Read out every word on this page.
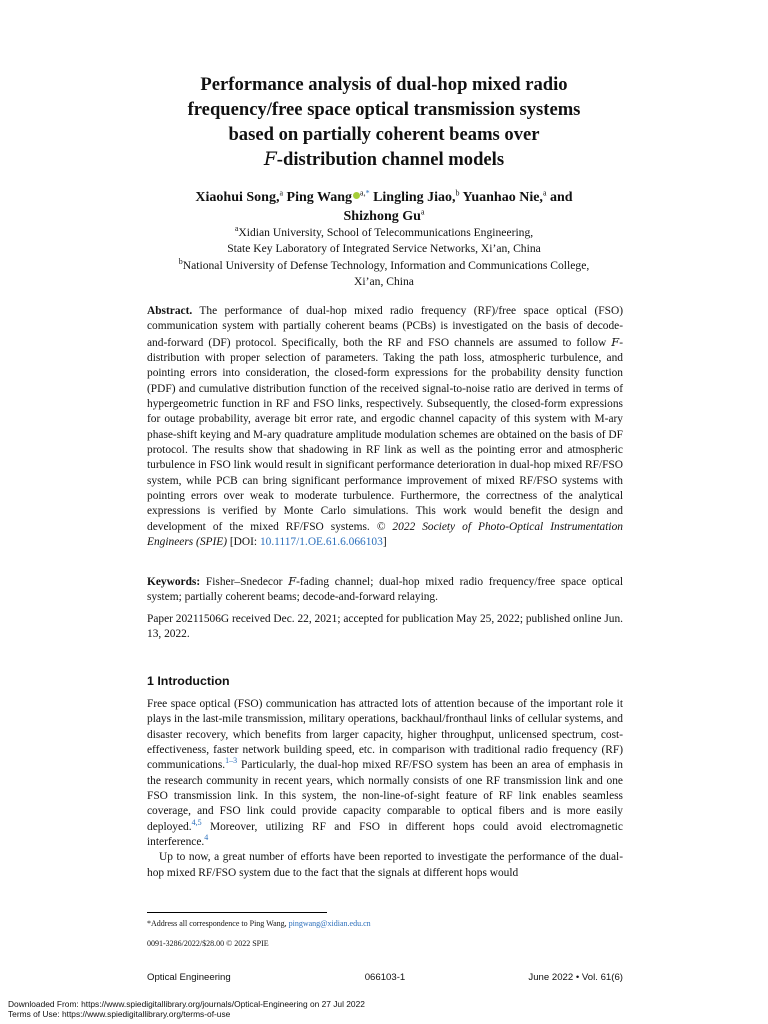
Performance analysis of dual-hop mixed radio
frequency/free space optical transmission systems
based on partially coherent beams over
F-distribution channel models
Xiaohui Song,$^a$ Ping Wang $^{a,*}$ Lingling Jiao,$^b$ Yuanhao Nie,$^a$ and
Shizhong Gu$^a$
$^a$Xidian University, School of Telecommunications Engineering,
State Key Laboratory of Integrated Service Networks, Xi’an, China
$^b$National University of Defense Technology, Information and Communications College,
Xi’an, China
Abstract. The performance of dual-hop mixed radio frequency (RF)/free space optical (FSO) communication system with partially coherent beams (PCBs) is investigated on the basis of decode-and-forward (DF) protocol. Specifically, both the RF and FSO channels are assumed to follow F-distribution with proper selection of parameters. Taking the path loss, atmospheric turbulence, and pointing errors into consideration, the closed-form expressions for the probability density function (PDF) and cumulative distribution function of the received signal-to-noise ratio are derived in terms of hypergeometric function in RF and FSO links, respectively. Subsequently, the closed-form expressions for outage probability, average bit error rate, and ergodic channel capacity of this system with M-ary phase-shift keying and M-ary quadrature amplitude modulation schemes are obtained on the basis of DF protocol. The results show that shadowing in RF link as well as the pointing error and atmospheric turbulence in FSO link would result in significant performance deterioration in dual-hop mixed RF/FSO system, while PCB can bring significant performance improvement of mixed RF/FSO systems with pointing errors over weak to moderate turbulence. Furthermore, the correctness of the analytical expressions is verified by Monte Carlo simulations. This work would benefit the design and development of the mixed RF/FSO systems. © 2022 Society of Photo-Optical Instrumentation Engineers (SPIE) [DOI: 10.1117/1.OE.61.6.066103]
Keywords: Fisher–Snedecor F-fading channel; dual-hop mixed radio frequency/free space optical system; partially coherent beams; decode-and-forward relaying.
Paper 20211506G received Dec. 22, 2021; accepted for publication May 25, 2022; published online Jun. 13, 2022.
1 Introduction

Free space optical (FSO) communication has attracted lots of attention because of the important role it plays in the last-mile transmission, military operations, backhaul/fronthaul links of cellular systems, and disaster recovery, which benefits from larger capacity, higher throughput, unlicensed spectrum, cost-effectiveness, faster network building speed, etc. in comparison with traditional radio frequency (RF) communications.$^{1-3}$ Particularly, the dual-hop mixed RF/FSO system has been an area of emphasis in the research community in recent years, which normally consists of one RF transmission link and one FSO transmission link. In this system, the non-line-of-sight feature of RF link enables seamless coverage, and FSO link could provide capacity comparable to optical fibers and is more easily deployed.$^{4,5}$ Moreover, utilizing RF and FSO in different hops could avoid electromagnetic interference.$^4$

Up to now, a great number of efforts have been reported to investigate the performance of the dual-hop mixed RF/FSO system due to the fact that the signals at different hops would

*Address all correspondence to Ping Wang, pingwang@xidian.edu.cn
0091-3286/2022/$28.00 © 2022 SPIE
Optical Engineering	066103-1	June 2022 • Vol. 61(6)
Downloaded From: https://www.spiedigitallibrary.org/journals/Optical-Engineering on 27 Jul 2022
Terms of Use: https://www.spiedigitallibrary.org/terms-of-use
